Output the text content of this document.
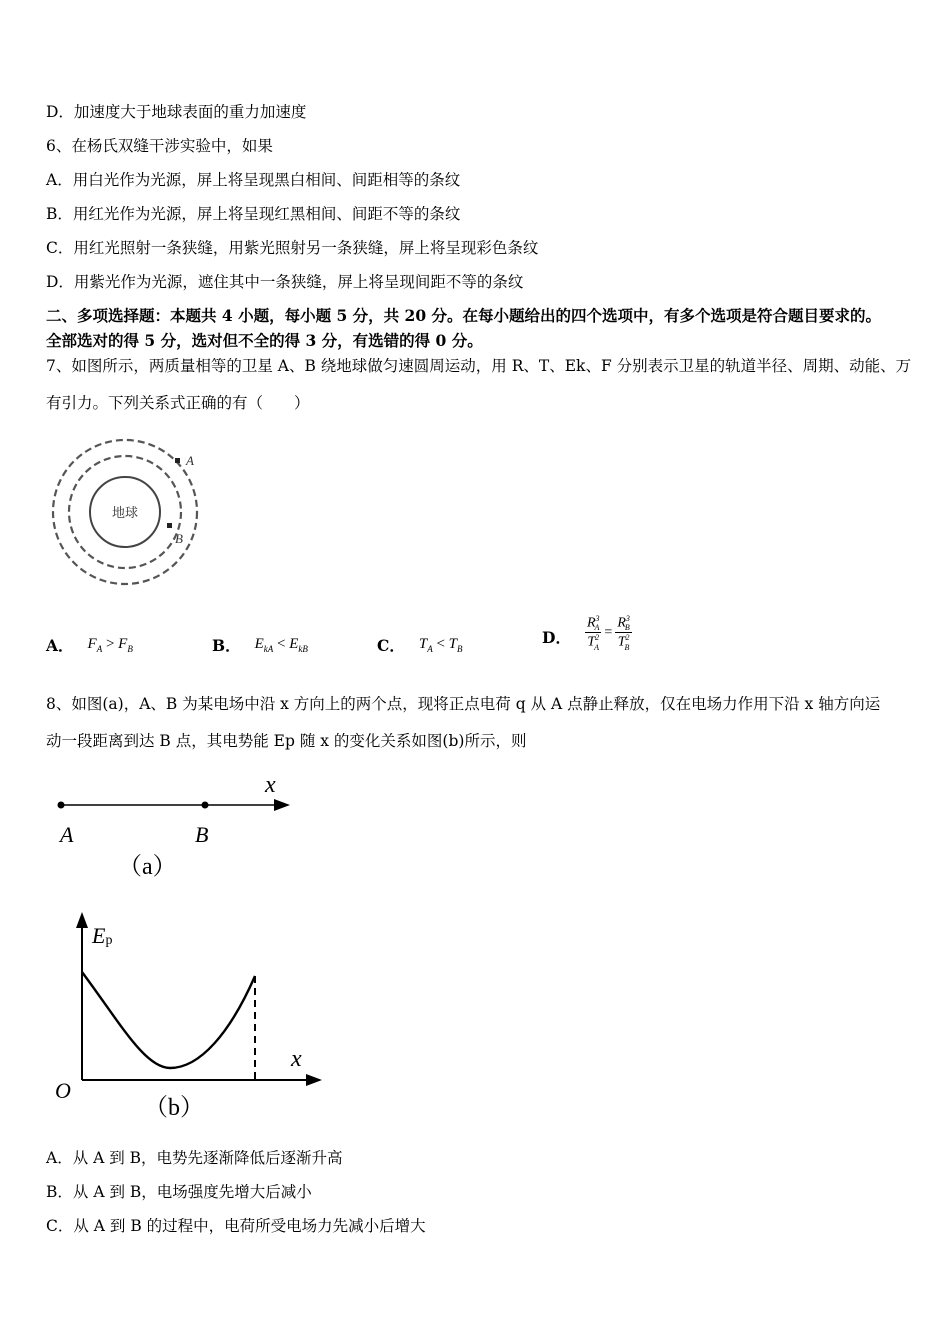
D．加速度大于地球表面的重力加速度
6、在杨氏双缝干涉实验中，如果
A．用白光作为光源，屏上将呈现黑白相间、间距相等的条纹
B．用红光作为光源，屏上将呈现红黑相间、间距不等的条纹
C．用红光照射一条狭缝，用紫光照射另一条狭缝，屏上将呈现彩色条纹
D．用紫光作为光源，遮住其中一条狭缝，屏上将呈现间距不等的条纹
二、多项选择题：本题共 4 小题，每小题 5 分，共 20 分。在每小题给出的四个选项中，有多个选项是符合题目要求的。
全部选对的得 5 分，选对但不全的得 3 分，有选错的得 0 分。
7、如图所示，两质量相等的卫星 A、B 绕地球做匀速圆周运动，用 R、T、Ek、F 分别表示卫星的轨道半径、周期、动能、万
有引力。下列关系式正确的有（　　）
地球
A
B
A． $F_A > F_B$	B． $E_{kA} < E_{kB}$	C． $T_A < T_B$
D． $\frac{R^3_A}{T^2_A} = \frac{R^3_B}{T^2_B}$
8、如图(a)，A、B 为某电场中沿 x 方向上的两个点，现将正点电荷 q 从 A 点静止释放，仅在电场力作用下沿 x 轴方向运
动一段距离到达 B 点，其电势能 Ep 随 x 的变化关系如图(b)所示，则
x
A	B
（a）
Ep
x
O
（b）
A．从 A 到 B，电势先逐渐降低后逐渐升高
B．从 A 到 B，电场强度先增大后减小
C．从 A 到 B 的过程中，电荷所受电场力先减小后增大
